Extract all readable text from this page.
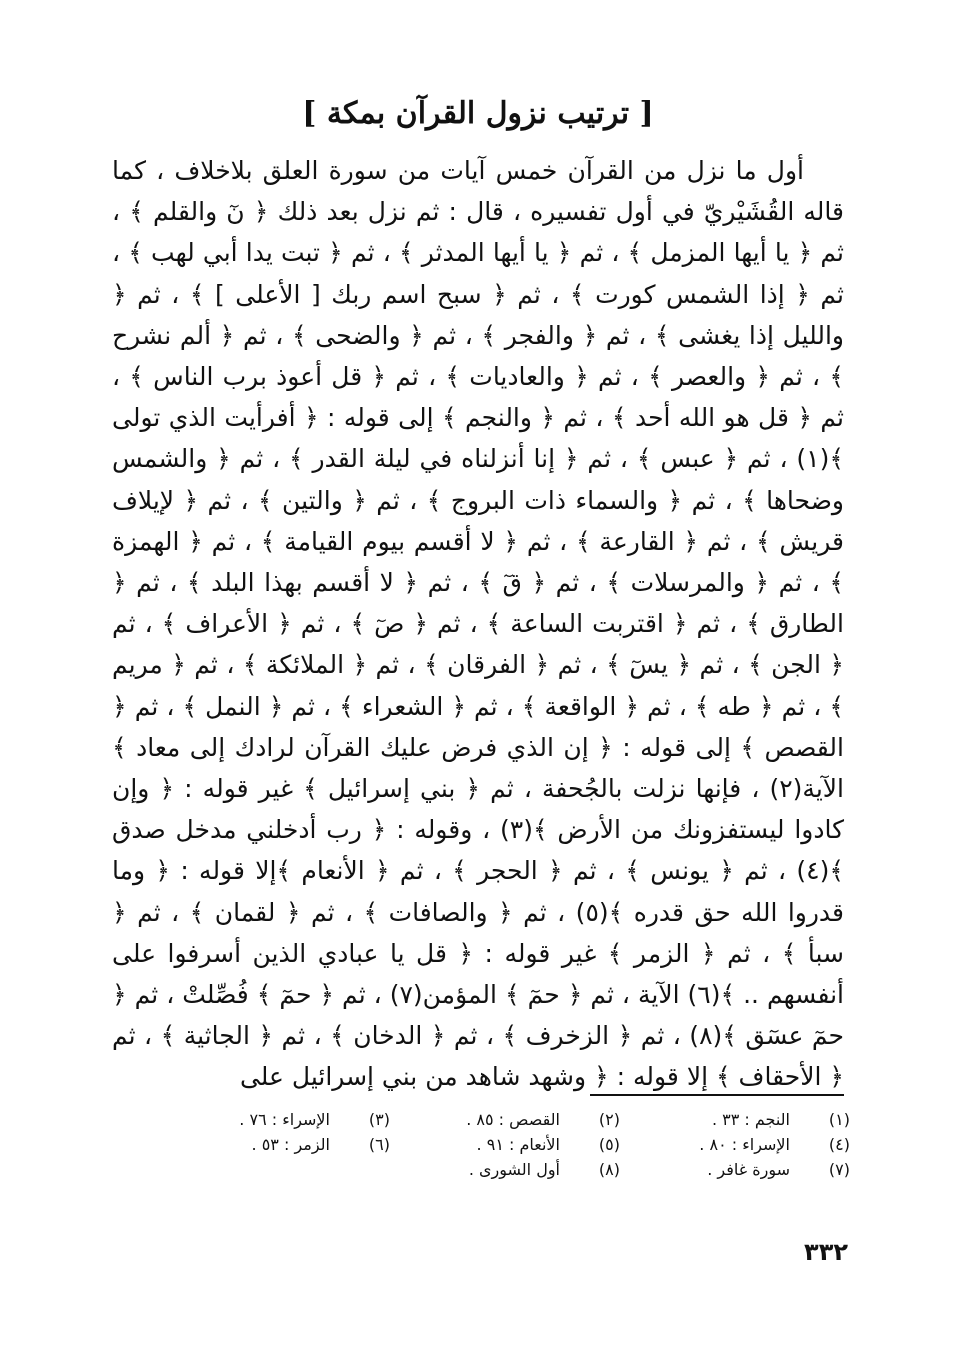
[ ترتيب نزول القرآن بمكة ]
أول ما نزل من القرآن خمس آيات من سورة العلق بلاخلاف ، كما قاله القُشَيْريّ في أول تفسيره ، قال : ثم نزل بعد ذلك ﴿ نٓ والقلم ﴾ ، ثم ﴿ يا أيها المزمل ﴾ ، ثم ﴿ يا أيها المدثر ﴾ ، ثم ﴿ تبت يدا أبي لهب ﴾ ، ثم ﴿ إذا الشمس كورت ﴾ ، ثم ﴿ سبح اسم ربك [ الأعلى ] ﴾ ، ثم ﴿ والليل إذا يغشى ﴾ ، ثم ﴿ والفجر ﴾ ، ثم ﴿ والضحى ﴾ ، ثم ﴿ ألم نشرح ﴾ ، ثم ﴿ والعصر ﴾ ، ثم ﴿ والعاديات ﴾ ، ثم ﴿ قل أعوذ برب الناس ﴾ ، ثم ﴿ قل هو الله أحد ﴾ ، ثم ﴿ والنجم ﴾ إلى قوله : ﴿ أفرأيت الذي تولى ﴾(١) ، ثم ﴿ عبس ﴾ ، ثم ﴿ إنا أنزلناه في ليلة القدر ﴾ ، ثم ﴿ والشمس وضحاها ﴾ ، ثم ﴿ والسماء ذات البروج ﴾ ، ثم ﴿ والتين ﴾ ، ثم ﴿ لإيلاف قريش ﴾ ، ثم ﴿ القارعة ﴾ ، ثم ﴿ لا أقسم بيوم القيامة ﴾ ، ثم ﴿ الهمزة ﴾ ، ثم ﴿ والمرسلات ﴾ ، ثم ﴿ قٓ ﴾ ، ثم ﴿ لا أقسم بهذا البلد ﴾ ، ثم ﴿ الطارق ﴾ ، ثم ﴿ اقتربت الساعة ﴾ ، ثم ﴿ صٓ ﴾ ، ثم ﴿ الأعراف ﴾ ، ثم ﴿ الجن ﴾ ، ثم ﴿ يسٓ ﴾ ، ثم ﴿ الفرقان ﴾ ، ثم ﴿ الملائكة ﴾ ، ثم ﴿ مريم ﴾ ، ثم ﴿ طه ﴾ ، ثم ﴿ الواقعة ﴾ ، ثم ﴿ الشعراء ﴾ ، ثم ﴿ النمل ﴾ ، ثم ﴿ القصص ﴾ إلى قوله : ﴿ إن الذي فرض عليك القرآن لرادك إلى معاد ﴾الآية(٢) ، فإنها نزلت بالجُحفة ، ثم ﴿ بني إسرائيل ﴾ غير قوله : ﴿ وإن كادوا ليستفزونك من الأرض ﴾(٣) ، وقوله : ﴿ رب أدخلني مدخل صدق ﴾(٤) ، ثم ﴿ يونس ﴾ ، ثم ﴿ الحجر ﴾ ، ثم ﴿ الأنعام ﴾إلا قوله : ﴿ وما قدروا الله حق قدره ﴾(٥) ، ثم ﴿ والصافات ﴾ ، ثم ﴿ لقمان ﴾ ، ثم ﴿ سبأ ﴾ ، ثم ﴿ الزمر ﴾ غير قوله : ﴿ قل يا عبادي الذين أسرفوا على أنفسهم .. ﴾(٦) الآية ، ثم ﴿ حمٓ ﴾ المؤمن(٧) ، ثم ﴿ حمٓ ﴾ فُصِّلتْ ، ثم ﴿ حمٓ عسٓق ﴾(٨) ، ثم ﴿ الزخرف ﴾ ، ثم ﴿ الدخان ﴾ ، ثم ﴿ الجاثية ﴾ ، ثم ﴿ الأحقاف ﴾ إلا قوله : ﴿ وشهد شاهد من بني إسرائيل على
(١)
النجم : ٣٣ .
(٢)
القصص : ٨٥ .
(٣)
الإسراء : ٧٦ .
(٤)
الإسراء : ٨٠ .
(٥)
الأنعام : ٩١ .
(٦)
الزمر : ٥٣ .
(٧)
سورة غافر .
(٨)
أول الشورى .
٣٣٢
